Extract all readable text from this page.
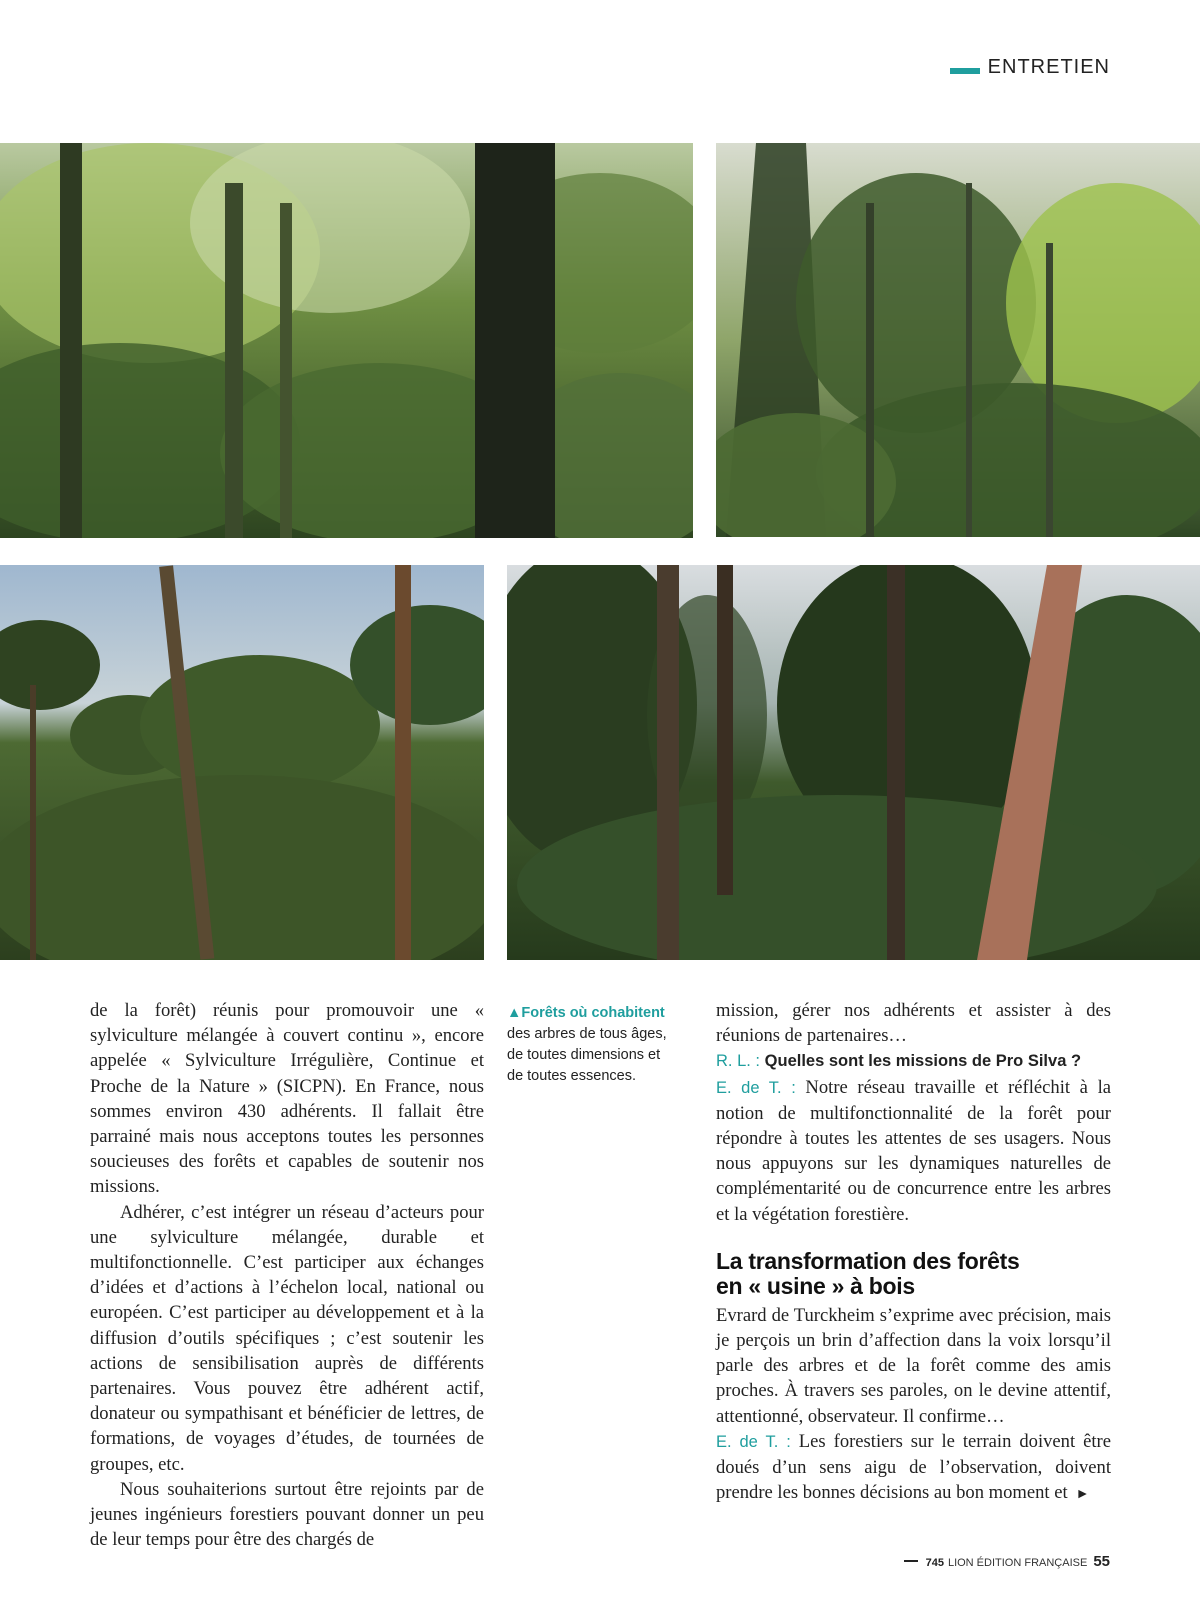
ENTRETIEN

de la forêt) réunis pour promouvoir une « sylviculture mélangée à couvert continu », encore appelée « Sylviculture Irrégulière, Continue et Proche de la Nature » (SICPN). En France, nous sommes environ 430 adhérents. Il fallait être parrainé mais nous acceptons toutes les personnes soucieuses des forêts et capables de soutenir nos missions.

Adhérer, c’est intégrer un réseau d’acteurs pour une sylviculture mélangée, durable et multifonctionnelle. C’est participer aux échanges d’idées et d’actions à l’échelon local, national ou européen. C’est participer au développement et à la diffusion d’outils spécifiques ; c’est soutenir les actions de sensibilisation auprès de différents partenaires. Vous pouvez être adhérent actif, donateur ou sympathisant et bénéficier de lettres, de formations, de voyages d’études, de tournées de groupes, etc.

Nous souhaiterions surtout être rejoints par de jeunes ingénieurs forestiers pouvant donner un peu de leur temps pour être des chargés de

▲Forêts où cohabitent
des arbres de tous âges, de toutes dimensions et de toutes essences.

mission, gérer nos adhérents et assister à des réunions de partenaires…

R. L. : Quelles sont les missions de Pro Silva ?

E. de T. : Notre réseau travaille et réfléchit à la notion de multifonctionnalité de la forêt pour répondre à toutes les attentes de ses usagers. Nous nous appuyons sur les dynamiques naturelles de complémentarité ou de concurrence entre les arbres et la végétation forestière.

La transformation des forêts
en « usine » à bois

Evrard de Turckheim s’exprime avec précision, mais je perçois un brin d’affection dans la voix lorsqu’il parle des arbres et de la forêt comme des amis proches. À travers ses paroles, on le devine attentif, attentionné, observateur. Il confirme…

E. de T. : Les forestiers sur le terrain doivent être doués d’un sens aigu de l’observation, doivent prendre les bonnes décisions au bon moment et ►

745 LION ÉDITION FRANÇAISE 55
